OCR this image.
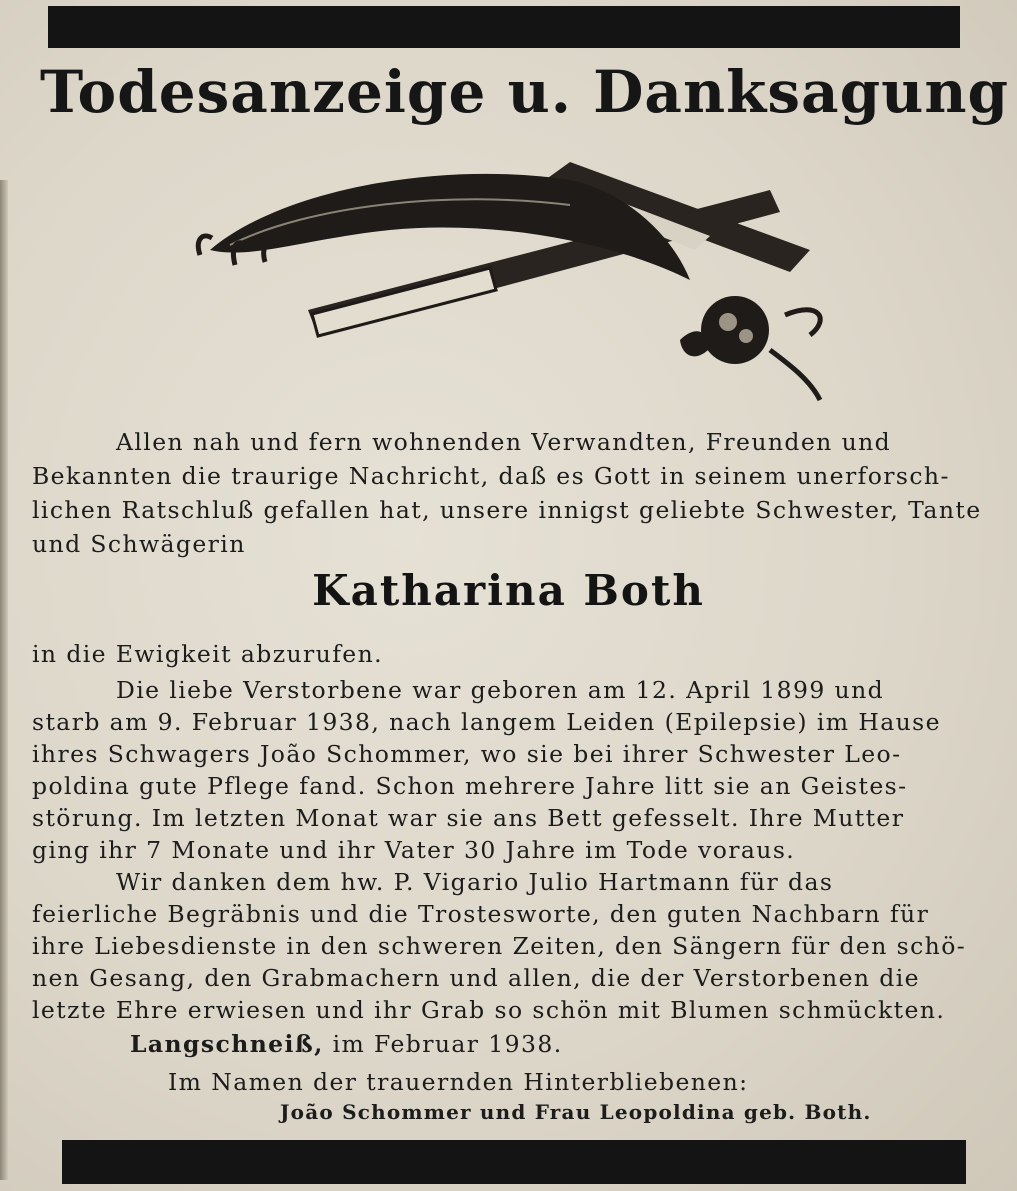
Todesanzeige u. Danksagung
Allen nah und fern wohnenden Verwandten, Freunden und
Bekannten die traurige Nachricht, daß es Gott in seinem unerforsch-
lichen Ratschluß gefallen hat, unsere innigst geliebte Schwester, Tante
und Schwägerin
Katharina Both
in die Ewigkeit abzurufen.
Die liebe Verstorbene war geboren am 12. April 1899 und
starb am 9. Februar 1938, nach langem Leiden (Epilepsie) im Hause
ihres Schwagers João Schommer, wo sie bei ihrer Schwester Leo-
poldina gute Pflege fand. Schon mehrere Jahre litt sie an Geistes-
störung. Im letzten Monat war sie ans Bett gefesselt. Ihre Mutter
ging ihr 7 Monate und ihr Vater 30 Jahre im Tode voraus.
Wir danken dem hw. P. Vigario Julio Hartmann für das
feierliche Begräbnis und die Trostesworte, den guten Nachbarn für
ihre Liebesdienste in den schweren Zeiten, den Sängern für den schö-
nen Gesang, den Grabmachern und allen, die der Verstorbenen die
letzte Ehre erwiesen und ihr Grab so schön mit Blumen schmückten.
Langschneiß, im Februar 1938.
Im Namen der trauernden Hinterbliebenen:
João Schommer und Frau Leopoldina geb. Both.
